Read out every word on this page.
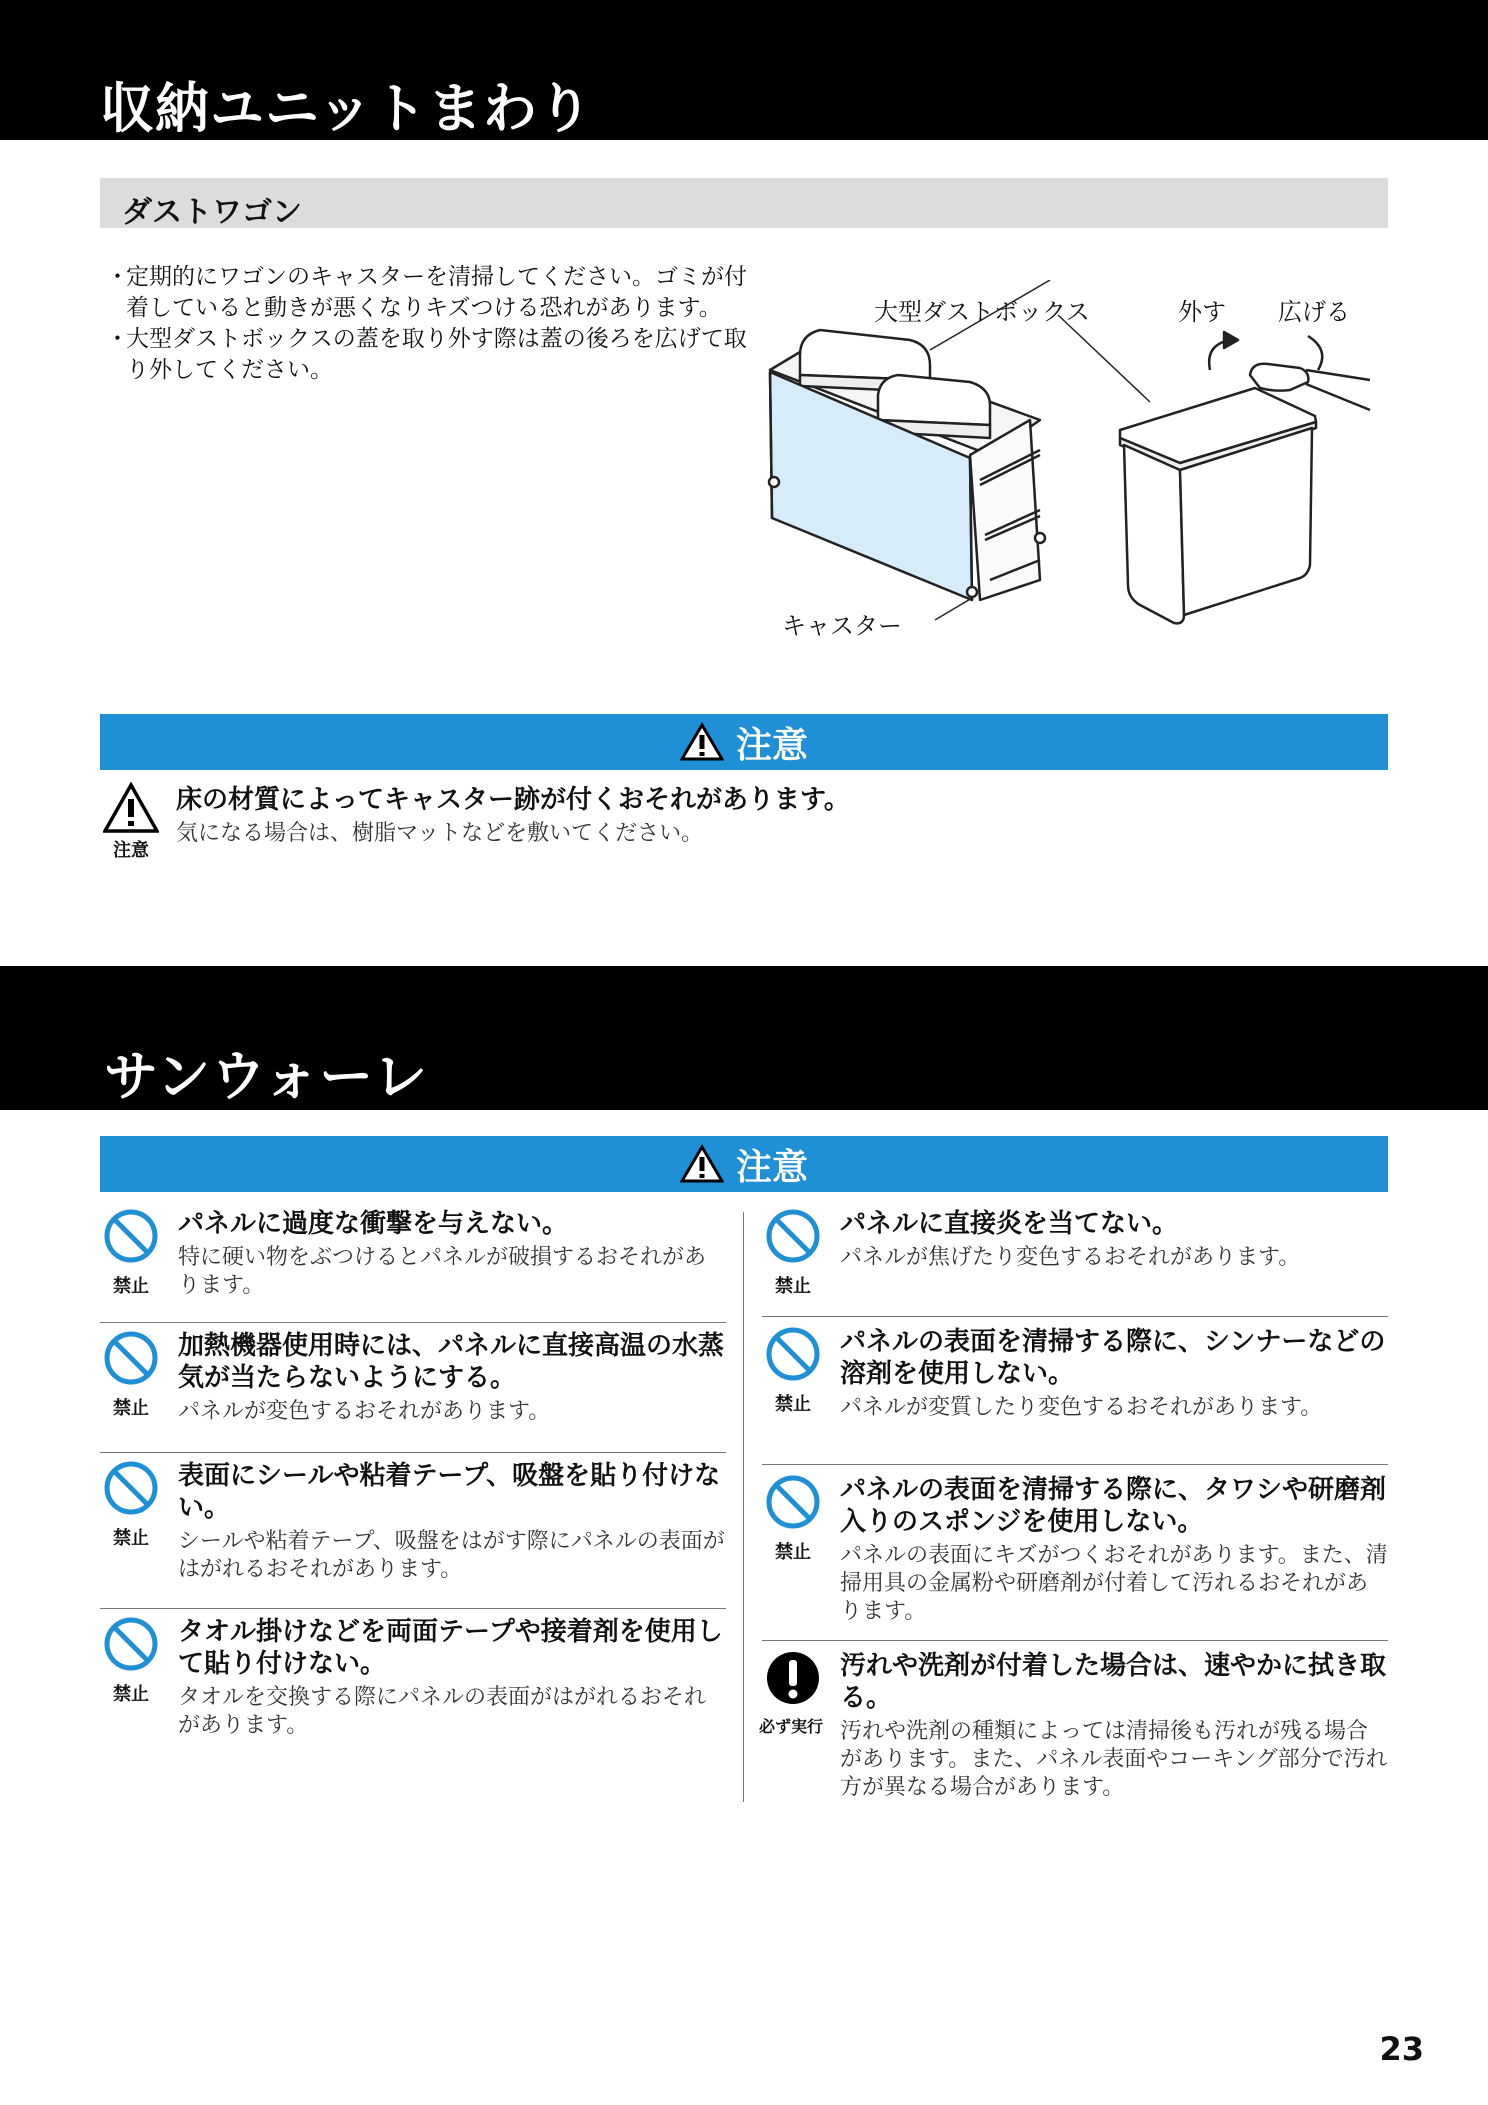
収納ユニットまわり
ダストワゴン
・
定期的にワゴンのキャスターを清掃してください。ゴミが付着していると動きが悪くなりキズつける恐れがあります。
・
大型ダストボックスの蓋を取り外す際は蓋の後ろを広げて取り外してください。
大型ダストボックス	外す 広げる
キャスター
注意
注意
床の材質によってキャスター跡が付くおそれがあります。
気になる場合は、樹脂マットなどを敷いてください。
サンウォーレ
注意
禁止
パネルに過度な衝撃を与えない。
特に硬い物をぶつけるとパネルが破損するおそれがあります。
禁止
加熱機器使用時には、パネルに直接高温の水蒸気が当たらないようにする。
パネルが変色するおそれがあります。
禁止
表面にシールや粘着テープ、吸盤を貼り付けない。
シールや粘着テープ、吸盤をはがす際にパネルの表面がはがれるおそれがあります。
禁止
タオル掛けなどを両面テープや接着剤を使用して貼り付けない。
タオルを交換する際にパネルの表面がはがれるおそれがあります。
禁止
パネルに直接炎を当てない。
パネルが焦げたり変色するおそれがあります。
禁止
パネルの表面を清掃する際に、シンナーなどの溶剤を使用しない。
パネルが変質したり変色するおそれがあります。
禁止
パネルの表面を清掃する際に、タワシや研磨剤入りのスポンジを使用しない。
パネルの表面にキズがつくおそれがあります。また、清掃用具の金属粉や研磨剤が付着して汚れるおそれがあります。
必ず実行
汚れや洗剤が付着した場合は、速やかに拭き取る。
汚れや洗剤の種類によっては清掃後も汚れが残る場合があります。また、パネル表面やコーキング部分で汚れ方が異なる場合があります。
23
